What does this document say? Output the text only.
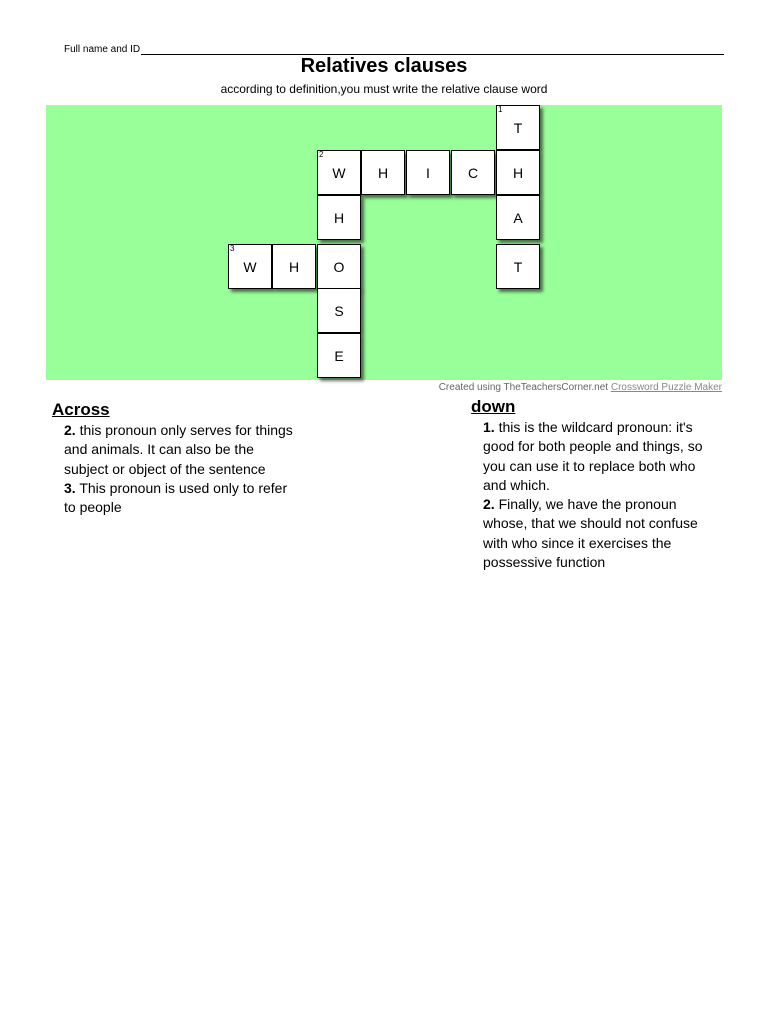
Full name and ID
Relatives clauses
according to definition,you must write the relative clause word
1
T
2
W H	I	C H
H	A
3
W H O	T
S
E
Created using TheTeachersCorner.net Crossword Puzzle Maker
Across
2. this pronoun only serves for things and animals. It can also be the subject or object of the sentence
3. This pronoun is used only to refer to people
down
1. this is the wildcard pronoun: it's good for both people and things, so you can use it to replace both who and which.
2. Finally, we have the pronoun whose, that we should not confuse with who since it exercises the possessive function
